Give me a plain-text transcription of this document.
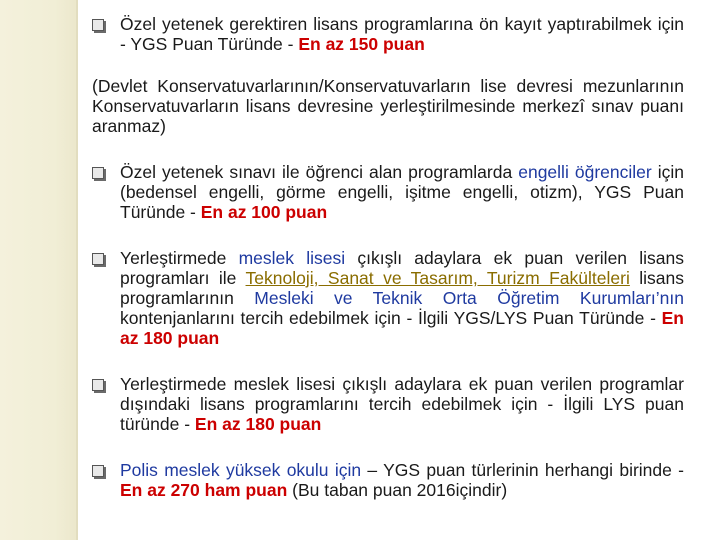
Özel yetenek gerektiren lisans programlarına ön kayıt yaptırabilmek için - YGS Puan Türünde - En az 150 puan

(Devlet Konservatuvarlarının/Konservatuvarların lise devresi mezunlarının Konservatuvarların lisans devresine yerleştirilmesinde merkezî sınav puanı aranmaz)

Özel yetenek sınavı ile öğrenci alan programlarda engelli öğrenciler için (bedensel engelli, görme engelli, işitme engelli, otizm), YGS Puan Türünde - En az 100 puan
Yerleştirmede meslek lisesi çıkışlı adaylara ek puan verilen lisans programları ile Teknoloji, Sanat ve Tasarım, Turizm Fakülteleri lisans programlarının Mesleki ve Teknik Orta Öğretim Kurumları’nın kontenjanlarını tercih edebilmek için - İlgili YGS/LYS Puan Türünde - En az 180 puan
Yerleştirmede meslek lisesi çıkışlı adaylara ek puan verilen programlar dışındaki lisans programlarını tercih edebilmek için - İlgili LYS puan türünde - En az 180 puan
Polis meslek yüksek okulu için – YGS puan türlerinin herhangi birinde - En az 270 ham puan (Bu taban puan 2016içindir)
